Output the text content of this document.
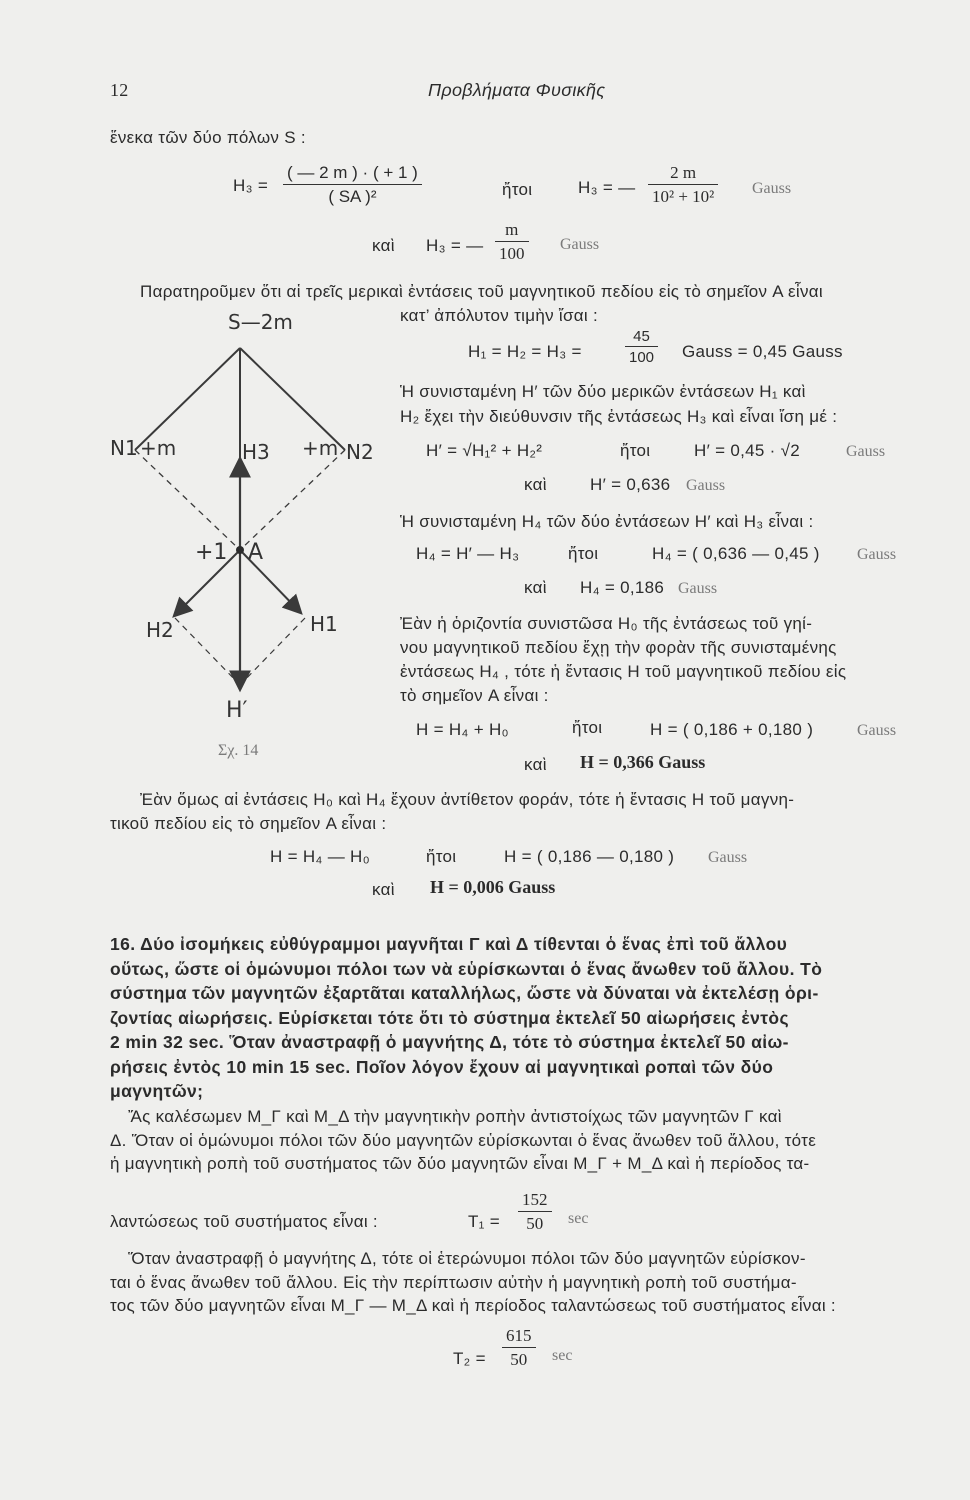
12	Προβλήματα Φυσικῆς
ἕνεκα τῶν δύο πόλων S :
$H_3 = \frac{( — 2 m ) \cdot ( + 1 )}{\text{( SA )²}}$	ἤτοι	H₃ = — $\frac{2 m}{\text{10² + 10²}}$ Gauss
καὶ H₃ = — $\frac{m}{100}$ Gauss
Παρατηροῦμεν ὅτι αἱ τρεῖς μερικαὶ ἐντάσεις τοῦ μαγνητικοῦ πεδίου εἰς τὸ σημεῖον A εἶναι
κατ’ ἀπόλυτον τιμὴν ἴσαι :
H₁ = H₂ = H₃ =	$\frac{45}{100}$ Gauss = 0,45 Gauss
Ἡ συνισταμένη H′ τῶν δύο μερικῶν ἐντάσεων H₁ καὶ
H₂ ἔχει τὴν διεύθυνσιν τῆς ἐντάσεως H₃ καὶ εἶναι ἴση μέ :
H′ = √H₁² + H₂²	ἤτοι	H′ = 0,45 · √2	Gauss
καὶ	H′ = 0,636 Gauss
Ἡ συνισταμένη H₄ τῶν δύο ἐντάσεων H′ καὶ H₃ εἶναι :
H₄ = H′ — H₃	ἤτοι	H₄ = ( 0,636 — 0,45 ) Gauss
καὶ H₄ = 0,186 Gauss
Ἐὰν ἡ ὁριζοντία συνιστῶσα H₀ τῆς ἐντάσεως τοῦ γηί-
νου μαγνητικοῦ πεδίου ἔχῃ τὴν φορὰν τῆς συνισταμένης
ἐντάσεως H₄ , τότε ἡ ἔντασις H τοῦ μαγνητικοῦ πεδίου εἰς
τὸ σημεῖον A εἶναι :
H = H₄ + H₀	ἤτοι	H = ( 0,186 + 0,180 )	Gauss
καὶ H = 0,366 Gauss
S—2m
N1 +m	H3 +m N2
+1 A
H2	H1
H′
Σχ. 14
Ἐὰν ὅμως αἱ ἐντάσεις H₀ καὶ H₄ ἔχουν ἀντίθετον φοράν, τότε ἡ ἔντασις H τοῦ μαγνη-
τικοῦ πεδίου εἰς τὸ σημεῖον A εἶναι :
H = H₄ — H₀	ἤτοι	H = ( 0,186 — 0,180 ) Gauss
καὶ H = 0,006 Gauss
16. Δύο ἰσομήκεις εὐθύγραμμοι μαγνῆται Γ καὶ Δ τίθενται ὁ ἕνας ἐπὶ τοῦ ἄλλου
οὕτως, ὥστε οἱ ὁμώνυμοι πόλοι των νὰ εὑρίσκωνται ὁ ἕνας ἄνωθεν τοῦ ἄλλου. Τὸ
σύστημα τῶν μαγνητῶν ἐξαρτᾶται καταλλήλως, ὥστε νὰ δύναται νὰ ἐκτελέσῃ ὁρι-
ζοντίας αἰωρήσεις. Εὑρίσκεται τότε ὅτι τὸ σύστημα ἐκτελεῖ 50 αἰωρήσεις ἐντὸς
2 min 32 sec. Ὅταν ἀναστραφῇ ὁ μαγνήτης Δ, τότε τὸ σύστημα ἐκτελεῖ 50 αἰω-
ρήσεις ἐντὸς 10 min 15 sec. Ποῖον λόγον ἔχουν αἱ μαγνητικαὶ ροπαὶ τῶν δύο
μαγνητῶν;
Ἄς καλέσωμεν M_Γ καὶ M_Δ τὴν μαγνητικὴν ροπὴν ἀντιστοίχως τῶν μαγνητῶν Γ καὶ
Δ. Ὅταν οἱ ὁμώνυμοι πόλοι τῶν δύο μαγνητῶν εὑρίσκωνται ὁ ἕνας ἄνωθεν τοῦ ἄλλου, τότε
ἡ μαγνητικὴ ροπὴ τοῦ συστήματος τῶν δύο μαγνητῶν εἶναι M_Γ + M_Δ καὶ ἡ περίοδος τα-
λαντώσεως τοῦ συστήματος εἶναι :	$T_1 = \frac{152}{50}$ sec
Ὅταν ἀναστραφῇ ὁ μαγνήτης Δ, τότε οἱ ἑτερώνυμοι πόλοι τῶν δύο μαγνητῶν εὑρίσκον-
ται ὁ ἕνας ἄνωθεν τοῦ ἄλλου. Εἰς τὴν περίπτωσιν αὐτὴν ἡ μαγνητικὴ ροπὴ τοῦ συστήμα-
τος τῶν δύο μαγνητῶν εἶναι M_Γ — M_Δ καὶ ἡ περίοδος ταλαντώσεως τοῦ συστήματος εἶναι :
$T_2 = \frac{615}{50}$ sec
